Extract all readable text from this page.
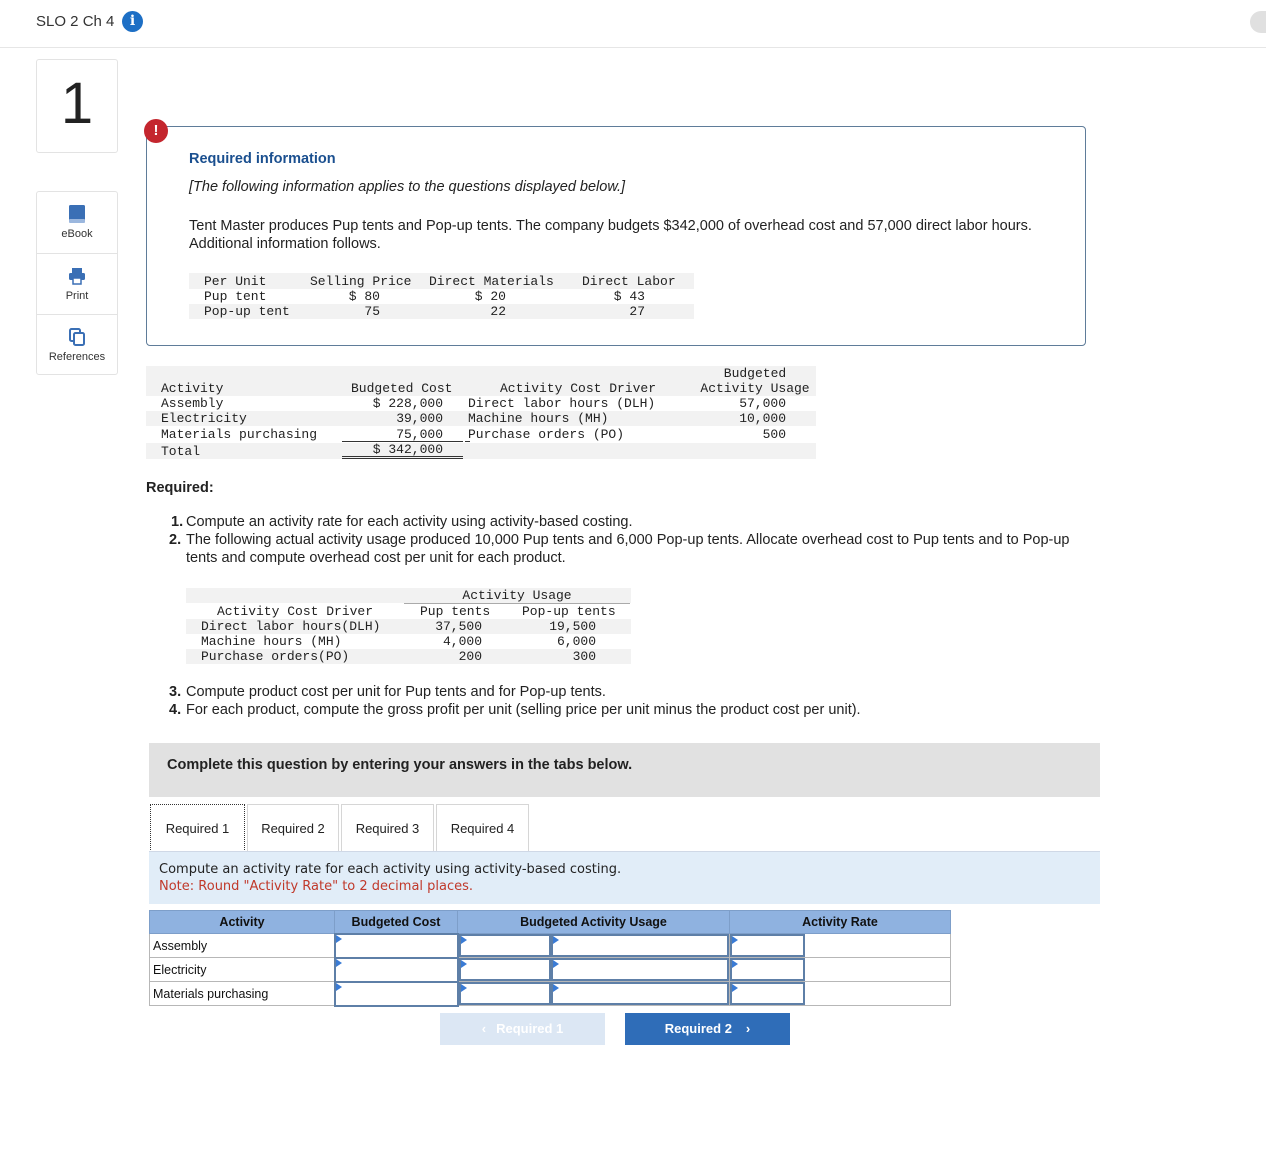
SLO 2 Ch 4	i
1
eBook
Print
References
!
Required information
[The following information applies to the questions displayed below.]
Tent Master produces Pup tents and Pop-up tents. The company budgets $342,000 of overhead cost and 57,000 direct labor hours. Additional information follows.
Per Unit	Selling Price Direct Materials Direct Labor
Pup tent	$ 80	$ 20	$ 43
Pop-up tent	75	22	27
Activity	Budgeted Cost	Activity Cost Driver
Budgeted
Activity Usage
Assembly	$ 228,000 Direct labor hours (DLH)	57,000
Electricity	39,000 Machine hours (MH)	10,000
Materials purchasing	75,000 Purchase orders (PO)	500
Total	$ 342,000
Required:
1. Compute an activity rate for each activity using activity-based costing.
2. The following actual activity usage produced 10,000 Pup tents and 6,000 Pop-up tents. Allocate overhead cost to Pup tents and to Pop-up tents and compute overhead cost per unit for each product.
Activity Usage
Activity Cost Driver	Pup tents Pop-up tents
Direct labor hours(DLH)	37,500	19,500
Machine hours (MH)	4,000	6,000
Purchase orders(PO)	200	300
3. Compute product cost per unit for Pup tents and for Pop-up tents.
4. For each product, compute the gross profit per unit (selling price per unit minus the product cost per unit).
Complete this question by entering your answers in the tabs below.
Required 1	Required 2	Required 3	Required 4
Compute an activity rate for each activity using activity-based costing.
Note: Round "Activity Rate" to 2 decimal places.
Activity	Budgeted Cost	Budgeted Activity Usage	Activity Rate
Assembly		

Electricity		

Materials purchasing		

‹ Required 1	Required 2 ›
